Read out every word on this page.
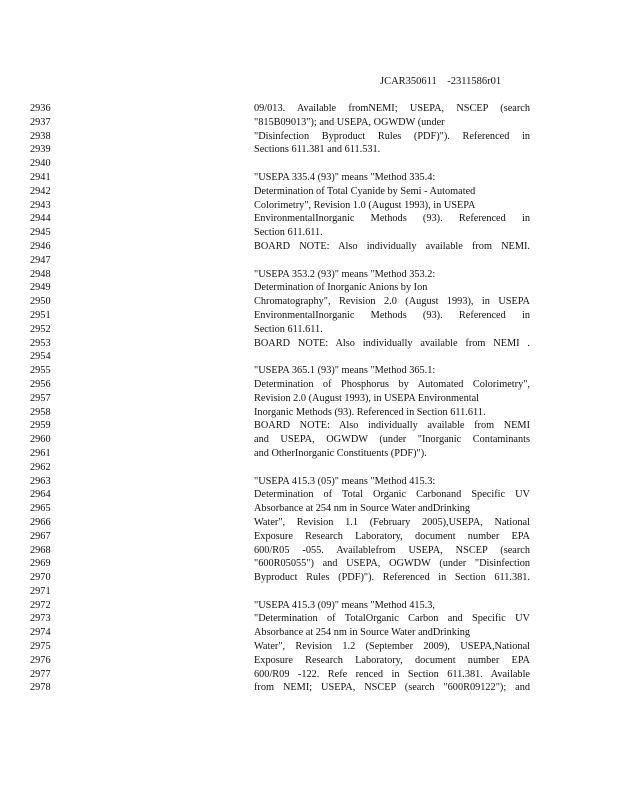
JCAR350611    -2311586r01
2936	09/013. Available fromNEMI; USEPA, NSCEP (search
2937	"815B09013"); and USEPA, OGWDW (under
2938	"Disinfection Byproduct Rules (PDF)"). Referenced in
2939	Sections 611.381 and 611.531.
2940
2941	"USEPA 335.4 (93)" means "Method 335.4:
2942	Determination of Total Cyanide by Semi - Automated
2943	Colorimetry", Revision 1.0 (August 1993), in USEPA
2944	EnvironmentalInorganic Methods (93). Referenced in
2945	Section 611.611.
2946	BOARD NOTE: Also individually available from NEMI.
2947
2948	"USEPA 353.2 (93)" means "Method 353.2:
2949	Determination of Inorganic Anions by Ion
2950	Chromatography", Revision 2.0 (August 1993), in USEPA
2951	EnvironmentalInorganic Methods (93). Referenced in
2952	Section 611.611.
2953	BOARD NOTE: Also individually available from NEMI .
2954
2955	"USEPA 365.1 (93)" means "Method 365.1:
2956	Determination of Phosphorus by Automated Colorimetry",
2957	Revision 2.0 (August 1993), in USEPA Environmental
2958	Inorganic Methods (93). Referenced in Section 611.611.
2959	BOARD NOTE: Also individually available from NEMI
2960	and USEPA, OGWDW (under "Inorganic Contaminants
2961	and OtherInorganic Constituents (PDF)").
2962
2963	"USEPA 415.3 (05)" means "Method 415.3:
2964	Determination of Total Organic Carbonand Specific UV
2965	Absorbance at 254 nm in Source Water andDrinking
2966	Water", Revision 1.1 (February 2005),USEPA, National
2967	Exposure Research Laboratory, document number EPA
2968	600/R05 -055. Availablefrom USEPA, NSCEP (search
2969	"600R05055") and USEPA, OGWDW (under "Disinfection
2970	Byproduct Rules (PDF)"). Referenced in Section 611.381.
2971
2972	"USEPA 415.3 (09)" means "Method 415.3,
2973	"Determination of TotalOrganic Carbon and Specific UV
2974	Absorbance at 254 nm in Source Water andDrinking
2975	Water", Revision 1.2 (September 2009), USEPA,National
2976	Exposure Research Laboratory, document number EPA
2977	600/R09 -122. Refe renced in Section 611.381. Available
2978	from NEMI; USEPA, NSCEP (search "600R09122"); and
